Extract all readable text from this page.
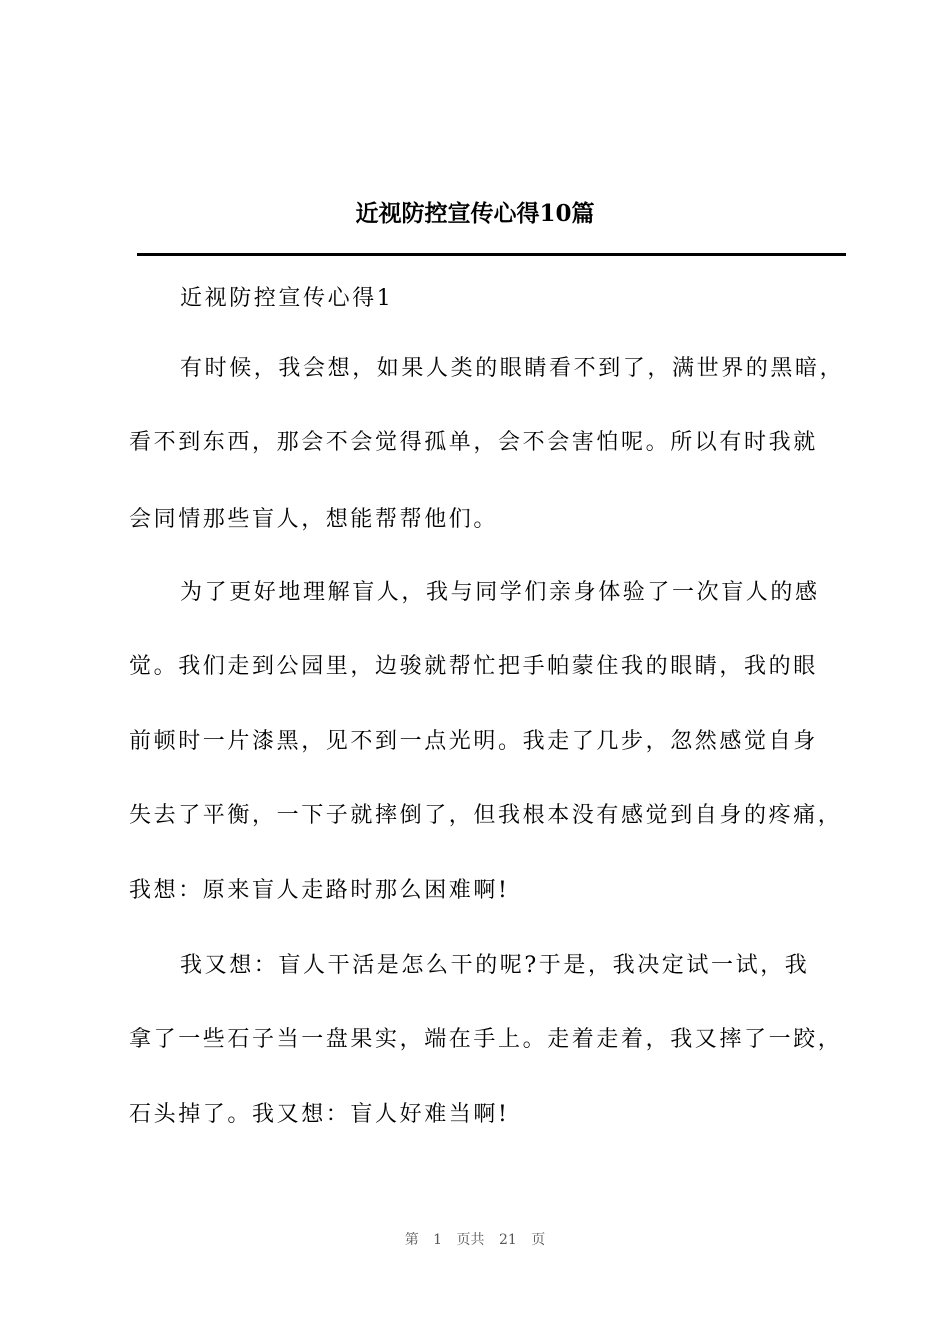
近视防控宣传心得10篇

近视防控宣传心得1

有时候，我会想，如果人类的眼睛看不到了，满世界的黑暗，

看不到东西，那会不会觉得孤单，会不会害怕呢。所以有时我就

会同情那些盲人，想能帮帮他们。

为了更好地理解盲人，我与同学们亲身体验了一次盲人的感

觉。我们走到公园里，边骏就帮忙把手帕蒙住我的眼睛，我的眼

前顿时一片漆黑，见不到一点光明。我走了几步，忽然感觉自身

失去了平衡，一下子就摔倒了，但我根本没有感觉到自身的疼痛，

我想：原来盲人走路时那么困难啊!

我又想：盲人干活是怎么干的呢?于是，我决定试一试，我

拿了一些石子当一盘果实，端在手上。走着走着，我又摔了一跤，

石头掉了。我又想：盲人好难当啊!

第 1 页共 21 页
